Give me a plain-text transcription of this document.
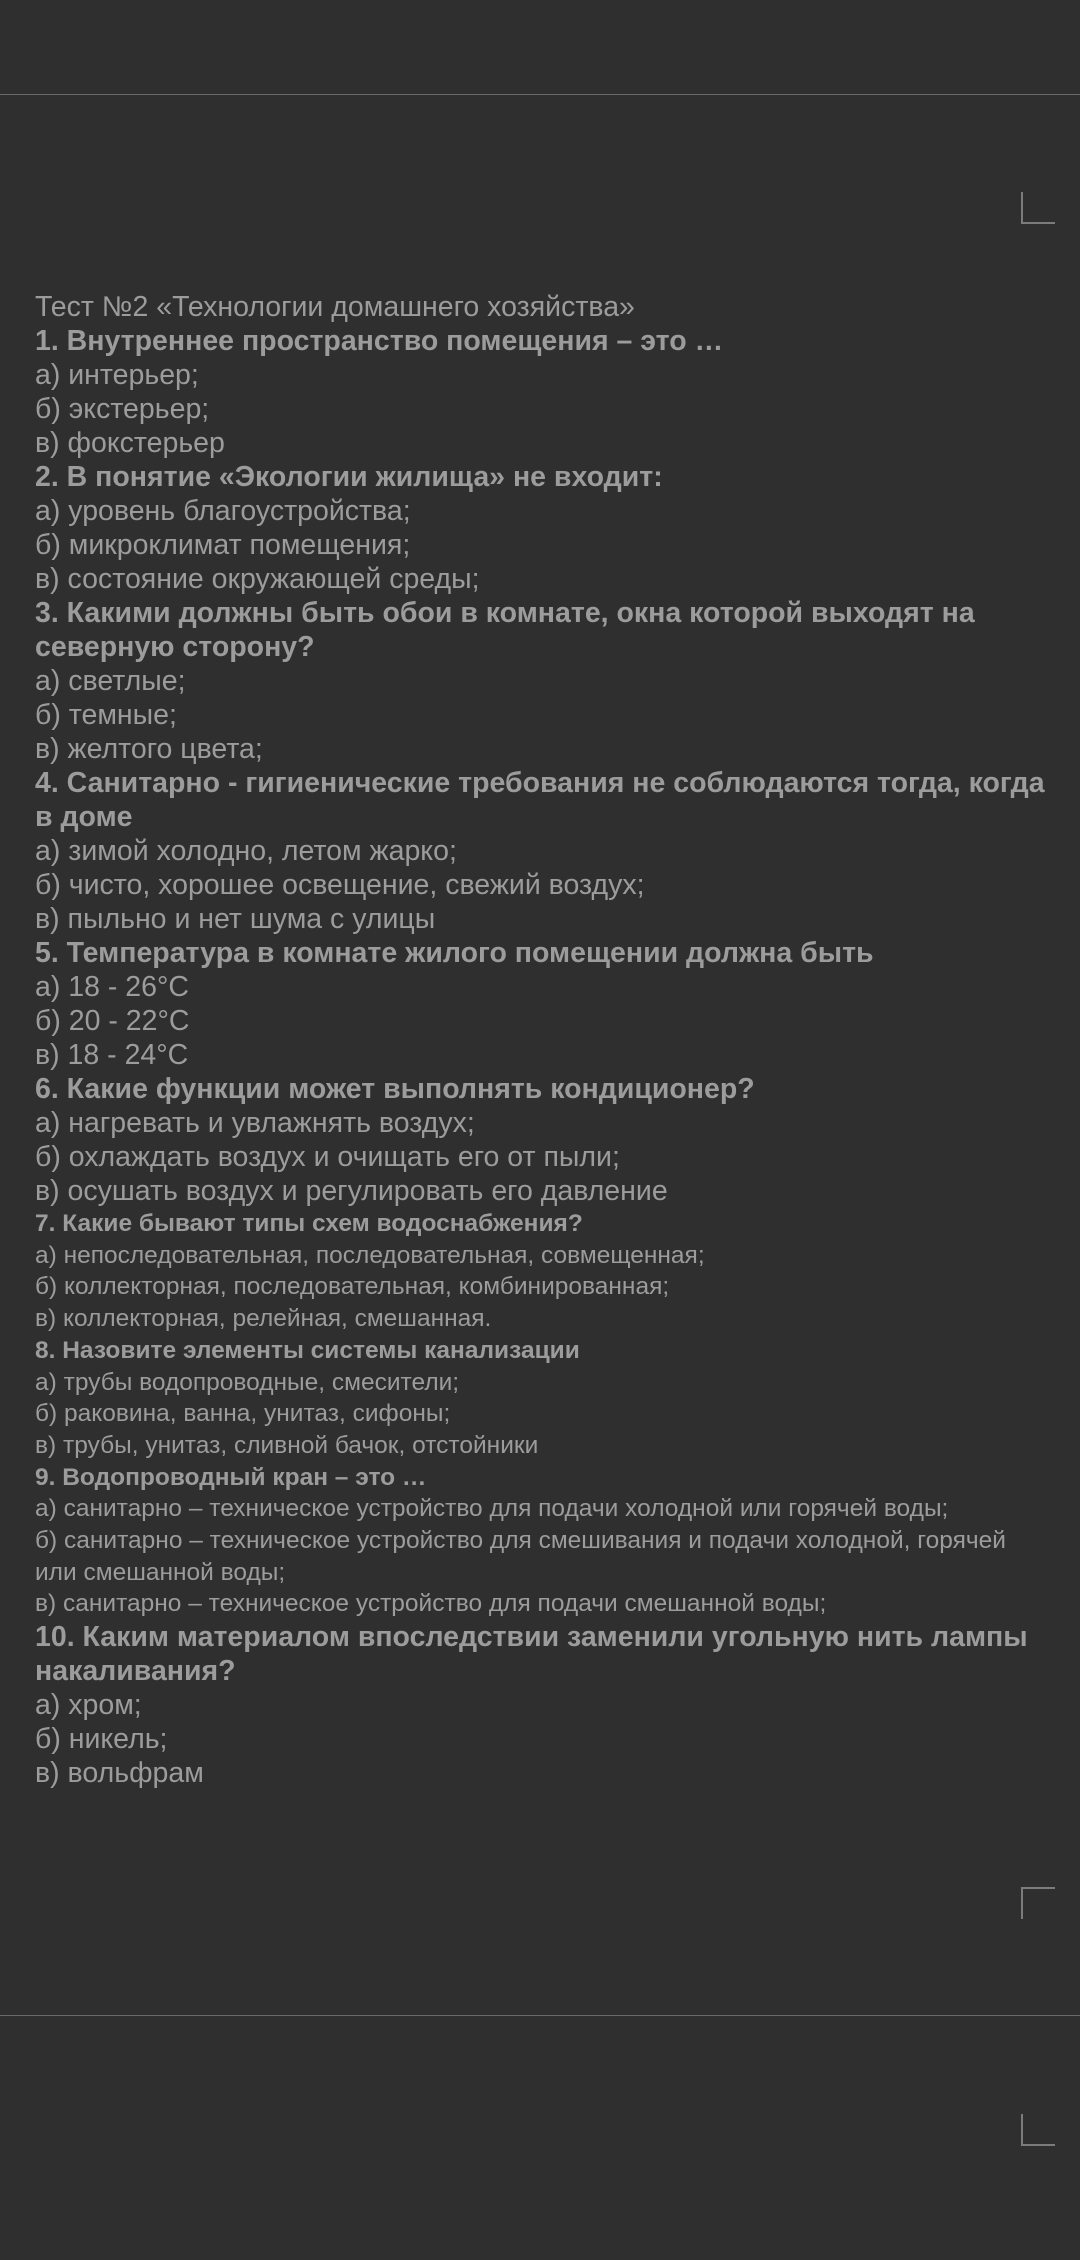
Тест №2 «Технологии домашнего хозяйства»

1. Внутреннее пространство помещения – это …

а) интерьер;

б) экстерьер;

в) фокстерьер

2. В понятие «Экологии жилища» не входит:

а) уровень благоустройства;

б) микроклимат помещения;

в) состояние окружающей среды;

3. Какими должны быть обои в комнате, окна которой выходят на северную сторону?

а) светлые;

б) темные;

в) желтого цвета;

4. Санитарно - гигиенические требования не соблюдаются тогда, когда в доме

а) зимой холодно, летом жарко;

б) чисто, хорошее освещение, свежий воздух;

в) пыльно и нет шума с улицы

5. Температура в комнате жилого помещении должна быть

а) 18 - 26°С

б) 20 - 22°С

в) 18 - 24°С

6. Какие функции может выполнять кондиционер?

а) нагревать и увлажнять воздух;

б) охлаждать воздух и очищать его от пыли;

в) осушать воздух и регулировать его давление

7. Какие бывают типы схем водоснабжения?

а) непоследовательная, последовательная, совмещенная;

б) коллекторная, последовательная, комбинированная;

в) коллекторная, релейная, смешанная.

8. Назовите элементы системы канализации

а) трубы водопроводные, смесители;

б) раковина, ванна, унитаз, сифоны;

в) трубы, унитаз, сливной бачок, отстойники

9. Водопроводный кран – это …

а) санитарно – техническое устройство для подачи холодной или горячей воды;

б) санитарно – техническое устройство для смешивания и подачи холодной, горячей или смешанной воды;

в) санитарно – техническое устройство для подачи смешанной воды;

10. Каким материалом впоследствии заменили угольную нить лампы накаливания?

а) хром;

б) никель;

в) вольфрам
